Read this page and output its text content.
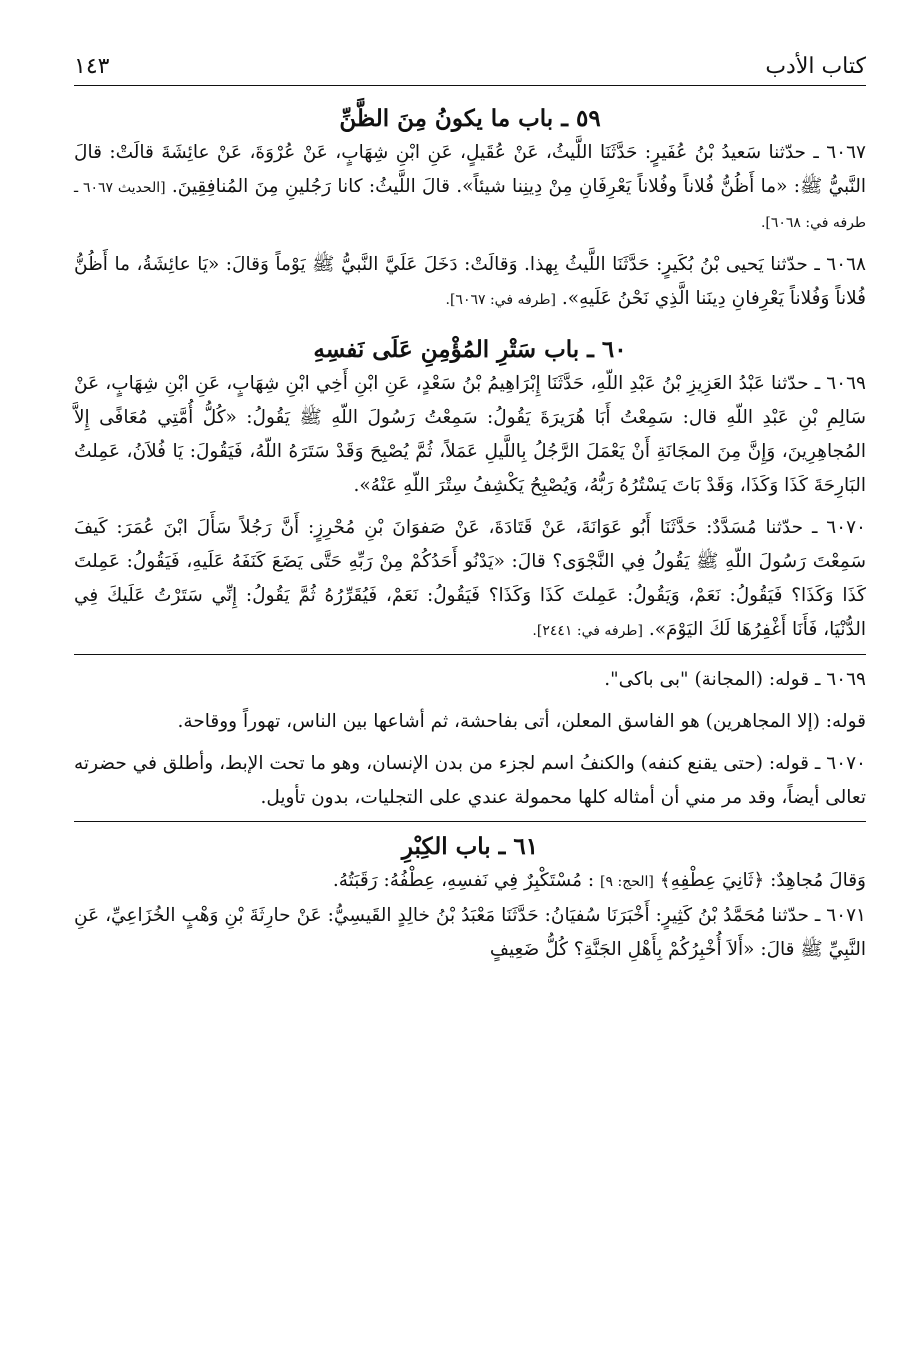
كتاب الأدب
١٤٣
٥٩ ـ باب ما يكونُ مِنَ الظَّنِّ

٦٠٦٧ ـ حدّثنا سَعيدُ بْنُ عُفَيرٍ: حَدَّثَنَا اللَّيثُ، عَنْ عُقَيلٍ، عَنِ ابْنِ شِهَابٍ، عَنْ عُرْوَةَ، عَنْ عائِشَةَ قالَتْ: قالَ النَّبيُّ ﷺ: «ما أَظُنُّ فُلاناً وفُلاناً يَعْرِفَانِ مِنْ دِينِنا شيئاً». قالَ اللَّيثُ: كانا رَجُلينِ مِنَ المُنافِقِينَ. [الحديث ٦٠٦٧ ـ طرفه في: ٦٠٦٨].

٦٠٦٨ ـ حدّثنا يَحيى بْنُ بُكَيرٍ: حَدَّثَنَا اللَّيثُ بِهذا. وَقالَتْ: دَخَلَ عَلَيَّ النَّبيُّ ﷺ يَوْماً وَقالَ: «يَا عائِشَةُ، ما أَظُنُّ فُلاناً وَفُلاناً يَعْرِفانِ دِينَنا الَّذِي نَحْنُ عَلَيهِ». [طرفه في: ٦٠٦٧].

٦٠ ـ باب سَتْرِ المُؤْمِنِ عَلَى نَفسِهِ

٦٠٦٩ ـ حدّثنا عَبْدُ العَزِيزِ بْنُ عَبْدِ اللّهِ، حَدَّثَنَا إِبْرَاهِيمُ بْنُ سَعْدٍ، عَنِ ابْنِ أَخِي ابْنِ شِهَابٍ، عَنِ ابْنِ شِهَابٍ، عَنْ سَالِمِ بْنِ عَبْدِ اللّهِ قال: سَمِعْتُ أَبَا هُرَيرَةَ يَقُولُ: سَمِعْتُ رَسُولَ اللّهِ ﷺ يَقُولُ: «كُلُّ أُمَّتِي مُعَافًى إِلاَّ المُجاهِرِينَ، وَإِنَّ مِنَ المجَانَةِ أَنْ يَعْمَلَ الرَّجُلُ بِاللَّيلِ عَمَلاً، ثُمَّ يُصْبِحَ وَقَدْ سَتَرَهُ اللّهُ، فَيَقُولَ: يَا فُلاَنُ، عَمِلتُ البَارِحَةَ كَذَا وَكَذَا، وَقَدْ بَاتَ يَسْتُرُهُ رَبُّهُ، وَيُصْبِحُ يَكْشِفُ سِتْرَ اللّهِ عَنْهُ».

٦٠٧٠ ـ حدّثنا مُسَدَّدٌ: حَدَّثَنَا أَبُو عَوَانَةَ، عَنْ قَتَادَةَ، عَنْ صَفوَانَ بْنِ مُحْرِزٍ: أَنَّ رَجُلاً سَأَلَ ابْنَ عُمَرَ: كَيفَ سَمِعْتَ رَسُولَ اللّهِ ﷺ يَقُولُ فِي النَّجْوَى؟ قالَ: «يَدْنُو أَحَدُكُمْ مِنْ رَبِّهِ حَتَّى يَضَعَ كَنَفَهُ عَلَيهِ، فَيَقُولُ: عَمِلتَ كَذَا وَكَذَا؟ فَيَقُولُ: نَعَمْ، وَيَقُولُ: عَمِلتَ كَذَا وَكَذَا؟ فَيَقُولُ: نَعَمْ، فَيُقَرِّرُهُ ثُمَّ يَقُولُ: إِنِّي سَتَرْتُ عَلَيكَ فِي الدُّنْيَا، فَأَنَا أَغْفِرُهَا لَكَ اليَوْمَ». [طرفه في: ٢٤٤١].

٦٠٦٩ ـ قوله: (المجانة) "بى باكى".

قوله: (إلا المجاهرين) هو الفاسق المعلن، أتى بفاحشة، ثم أشاعها بين الناس، تهوراً ووقاحة.

٦٠٧٠ ـ قوله: (حتى يقنع كنفه) والكنفُ اسم لجزء من بدن الإنسان، وهو ما تحت الإبط، وأطلق في حضرته تعالى أيضاً، وقد مر مني أن أمثاله كلها محمولة عندي على التجليات، بدون تأويل.

٦١ ـ باب الكِبْرِ

وَقالَ مُجاهِدٌ: ﴿ثَانِيَ عِطْفِهِ﴾ [الحج: ٩] : مُسْتَكْبِرٌ فِي نَفسِهِ، عِطْفُهُ: رَقَبَتُهُ.

٦٠٧١ ـ حدّثنا مُحَمَّدُ بْنُ كَثِيرٍ: أَخْبَرَنَا سُفيَانُ: حَدَّثَنَا مَعْبَدُ بْنُ خالِدٍ القَيسِيُّ: عَنْ حارِثَةَ بْنِ وَهْبٍ الخُزَاعِيِّ، عَنِ النَّبِيِّ ﷺ قالَ: «أَلاَ أُخْبِرُكُمْ بِأَهْلِ الجَنَّةِ؟ كُلُّ ضَعِيفٍ
